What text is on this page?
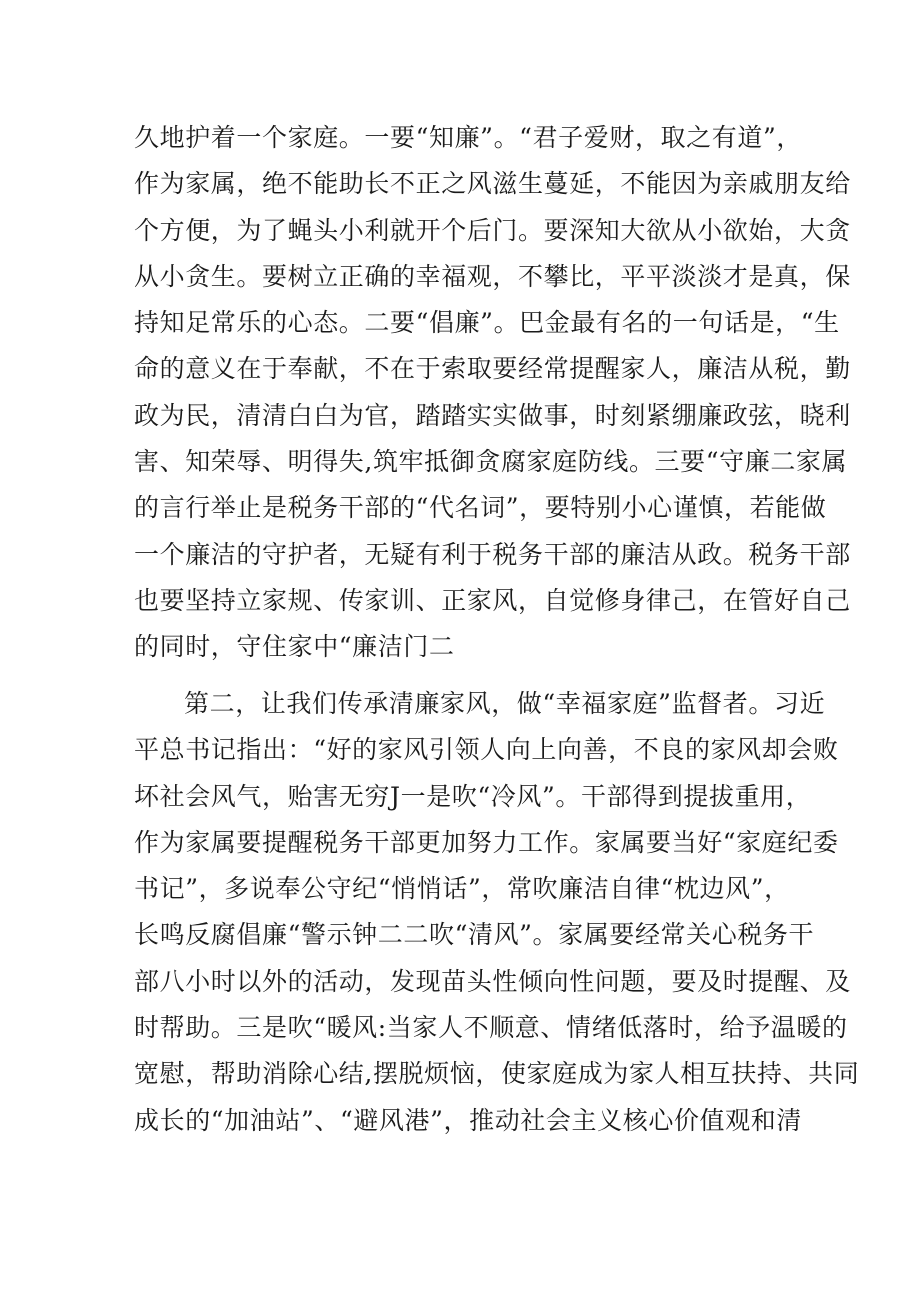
久地护着一个家庭。一要“知廉”。“君子爱财，取之有道”，
作为家属，绝不能助长不正之风滋生蔓延，不能因为亲戚朋友给
个方便，为了蝇头小利就开个后门。要深知大欲从小欲始，大贪
从小贪生。要树立正确的幸福观，不攀比，平平淡淡才是真，保
持知足常乐的心态。二要“倡廉”。巴金最有名的一句话是，“生
命的意义在于奉献，不在于索取要经常提醒家人，廉洁从税，勤
政为民，清清白白为官，踏踏实实做事，时刻紧绷廉政弦，晓利
害、知荣辱、明得失,筑牢抵御贪腐家庭防线。三要“守廉二家属
的言行举止是税务干部的“代名词”，要特别小心谨慎，若能做
一个廉洁的守护者，无疑有利于税务干部的廉洁从政。税务干部
也要坚持立家规、传家训、正家风，自觉修身律己，在管好自己
的同时，守住家中“廉洁门二
第二，让我们传承清廉家风，做“幸福家庭”监督者。习近
平总书记指出：“好的家风引领人向上向善，不良的家风却会败
坏社会风气，贻害无穷J一是吹“冷风”。干部得到提拔重用，
作为家属要提醒税务干部更加努力工作。家属要当好“家庭纪委
书记”，多说奉公守纪“悄悄话”，常吹廉洁自律“枕边风”，
长鸣反腐倡廉“警示钟二二吹“清风”。家属要经常关心税务干
部八小时以外的活动，发现苗头性倾向性问题，要及时提醒、及
时帮助。三是吹“暖风:当家人不顺意、情绪低落时，给予温暖的
宽慰，帮助消除心结,摆脱烦恼，使家庭成为家人相互扶持、共同
成长的“加油站”、“避风港”，推动社会主义核心价值观和清
